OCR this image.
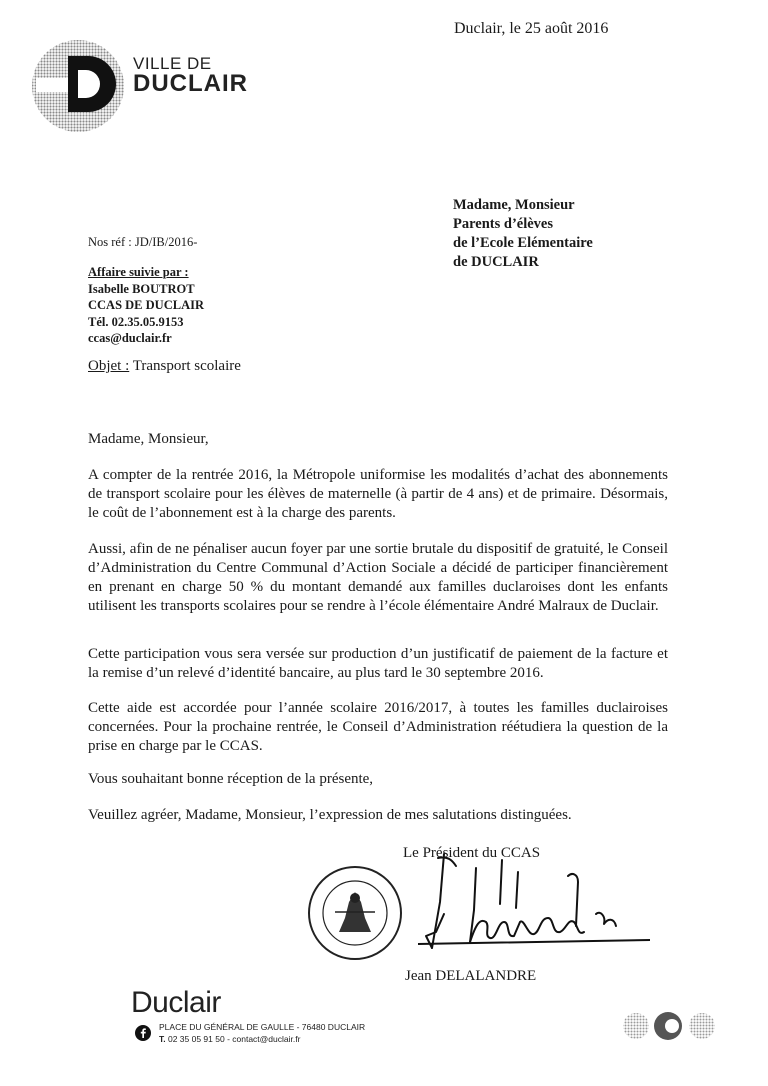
Duclair, le 25 août 2016
VILLE DE
DUCLAIR
Madame, Monsieur
Parents d’élèves
de l’Ecole Elémentaire
de DUCLAIR
Nos réf : JD/IB/2016-
Affaire suivie par :
Isabelle BOUTROT
CCAS DE DUCLAIR
Tél. 02.35.05.9153
ccas@duclair.fr
Objet : Transport scolaire
Madame, Monsieur,
A compter de la rentrée 2016, la Métropole uniformise les modalités d’achat des abonnements de transport scolaire pour les élèves de maternelle (à partir de 4 ans) et de primaire. Désormais, le coût de l’abonnement est à la charge des parents.
Aussi, afin de ne pénaliser aucun foyer par une sortie brutale du dispositif de gratuité, le Conseil d’Administration du Centre Communal d’Action Sociale a décidé de participer financièrement en prenant en charge 50 % du montant demandé aux familles duclaroises dont les enfants utilisent les transports scolaires pour se rendre à l’école élémentaire André Malraux de Duclair.
Cette participation vous sera versée sur production d’un justificatif de paiement de la facture et la remise d’un relevé d’identité bancaire, au plus tard le 30 septembre 2016.
Cette aide est accordée pour l’année scolaire 2016/2017, à toutes les familles duclairoises concernées. Pour la prochaine rentrée, le Conseil d’Administration réétudiera la question de la prise en charge par le CCAS.
Vous souhaitant bonne réception de la présente,
Veuillez agréer, Madame, Monsieur, l’expression de mes salutations distinguées.
Le Président du CCAS
Jean DELALANDRE
Duclair
PLACE DU GÉNÉRAL DE GAULLE - 76480 DUCLAIR
T. 02 35 05 91 50 - contact@duclair.fr
